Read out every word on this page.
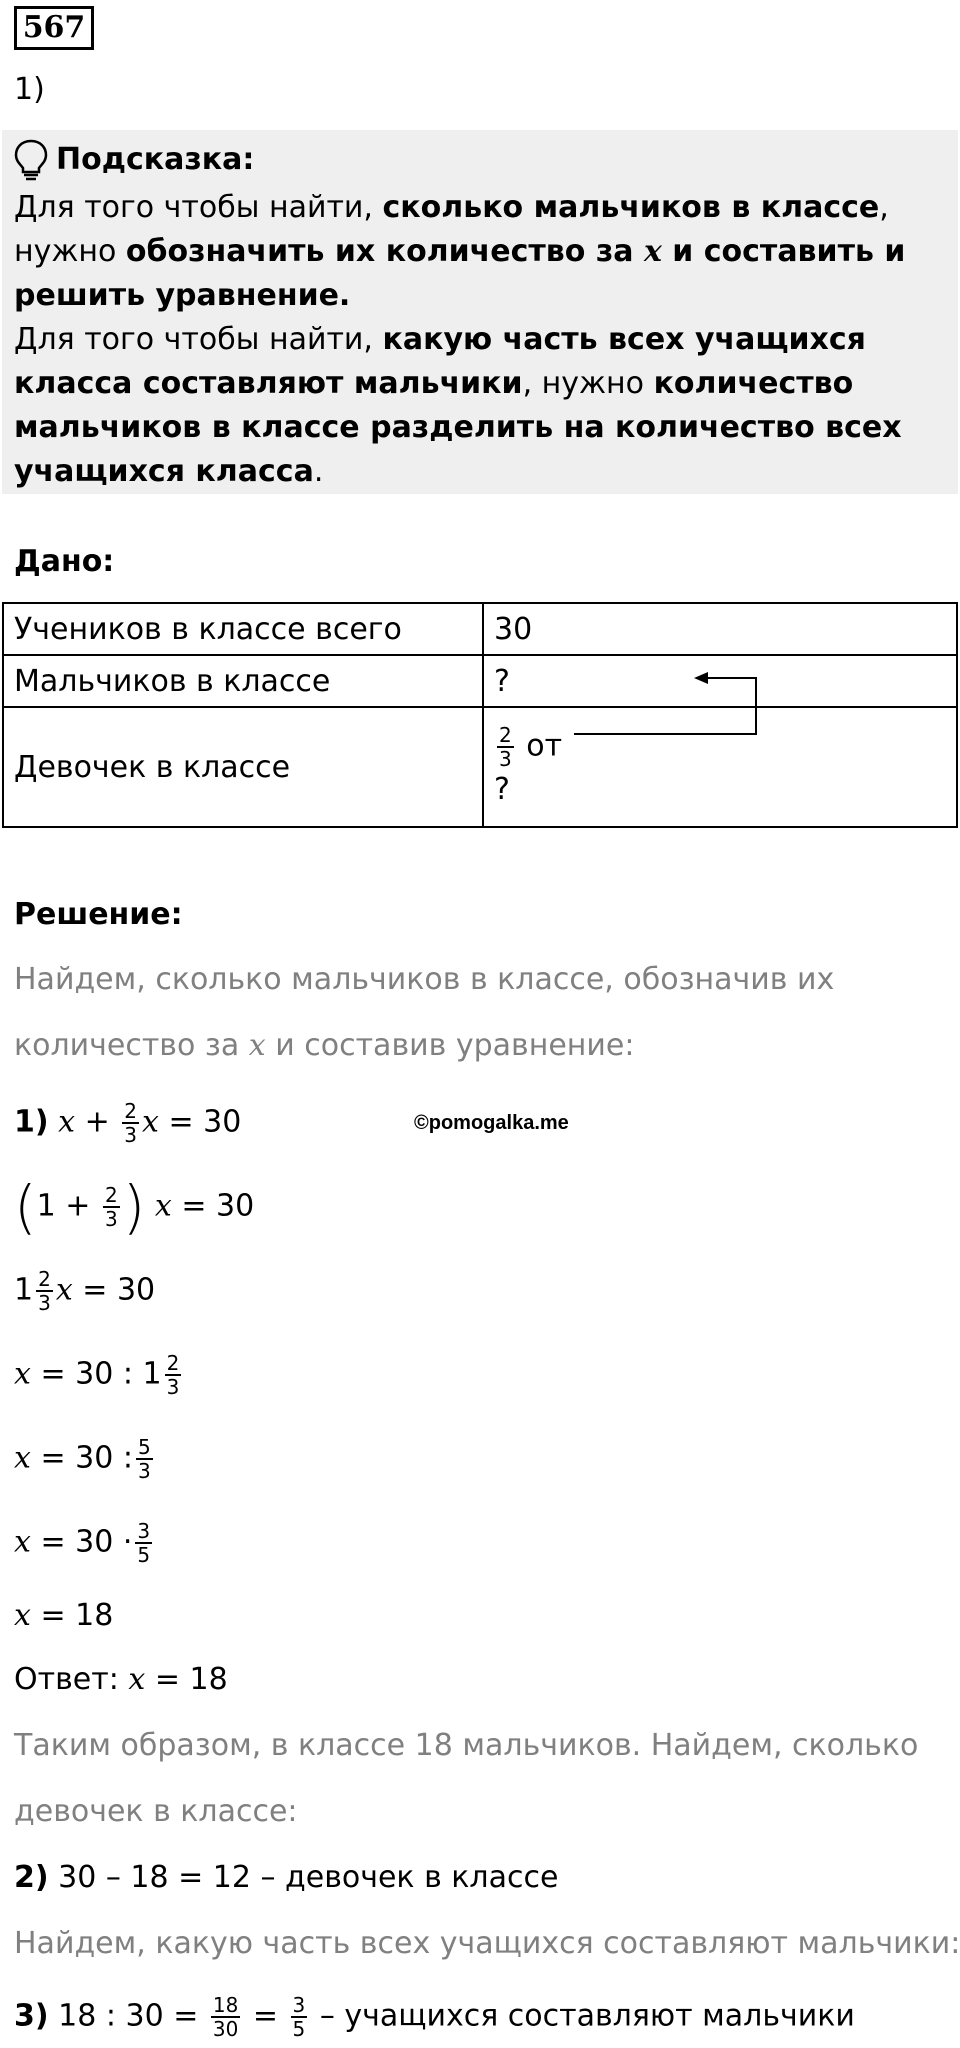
567
1)
Подсказка:
Для того чтобы найти, сколько мальчиков в классе, нужно обозначить их количество за x и составить и решить уравнение.
Для того чтобы найти, какую часть всех учащихся класса составляют мальчики, нужно количество мальчиков в классе разделить на количество всех учащихся класса.
Дано:
Учеников в классе всего	30
Мальчиков в классе	?
Девочек в классе	$\frac{2}{3}$ от
?
Решение:
Найдем, сколько мальчиков в классе, обозначив их
количество за x и составив уравнение:
1) $x + \frac{2}{3}$ x = 30	©pomogalka.me
($1 + \frac{2}{3}$ ) x = 30
$1 \frac{2}{3}$ x = 30
x = 30 : $1 \frac{2}{3}$
x = 30 : $\frac{5}{3}$
$x = 30 \cdot \frac{3}{5}$
x = 18
Ответ: x = 18
Таким образом, в классе 18 мальчиков. Найдем, сколько
девочек в классе:
2) 30 – 18 = 12 – девочек в классе
Найдем, какую часть всех учащихся составляют мальчики:
3) 18 : $30 = \frac{18}{30} = \frac{3}{5}$ – учащихся составляют мальчики
